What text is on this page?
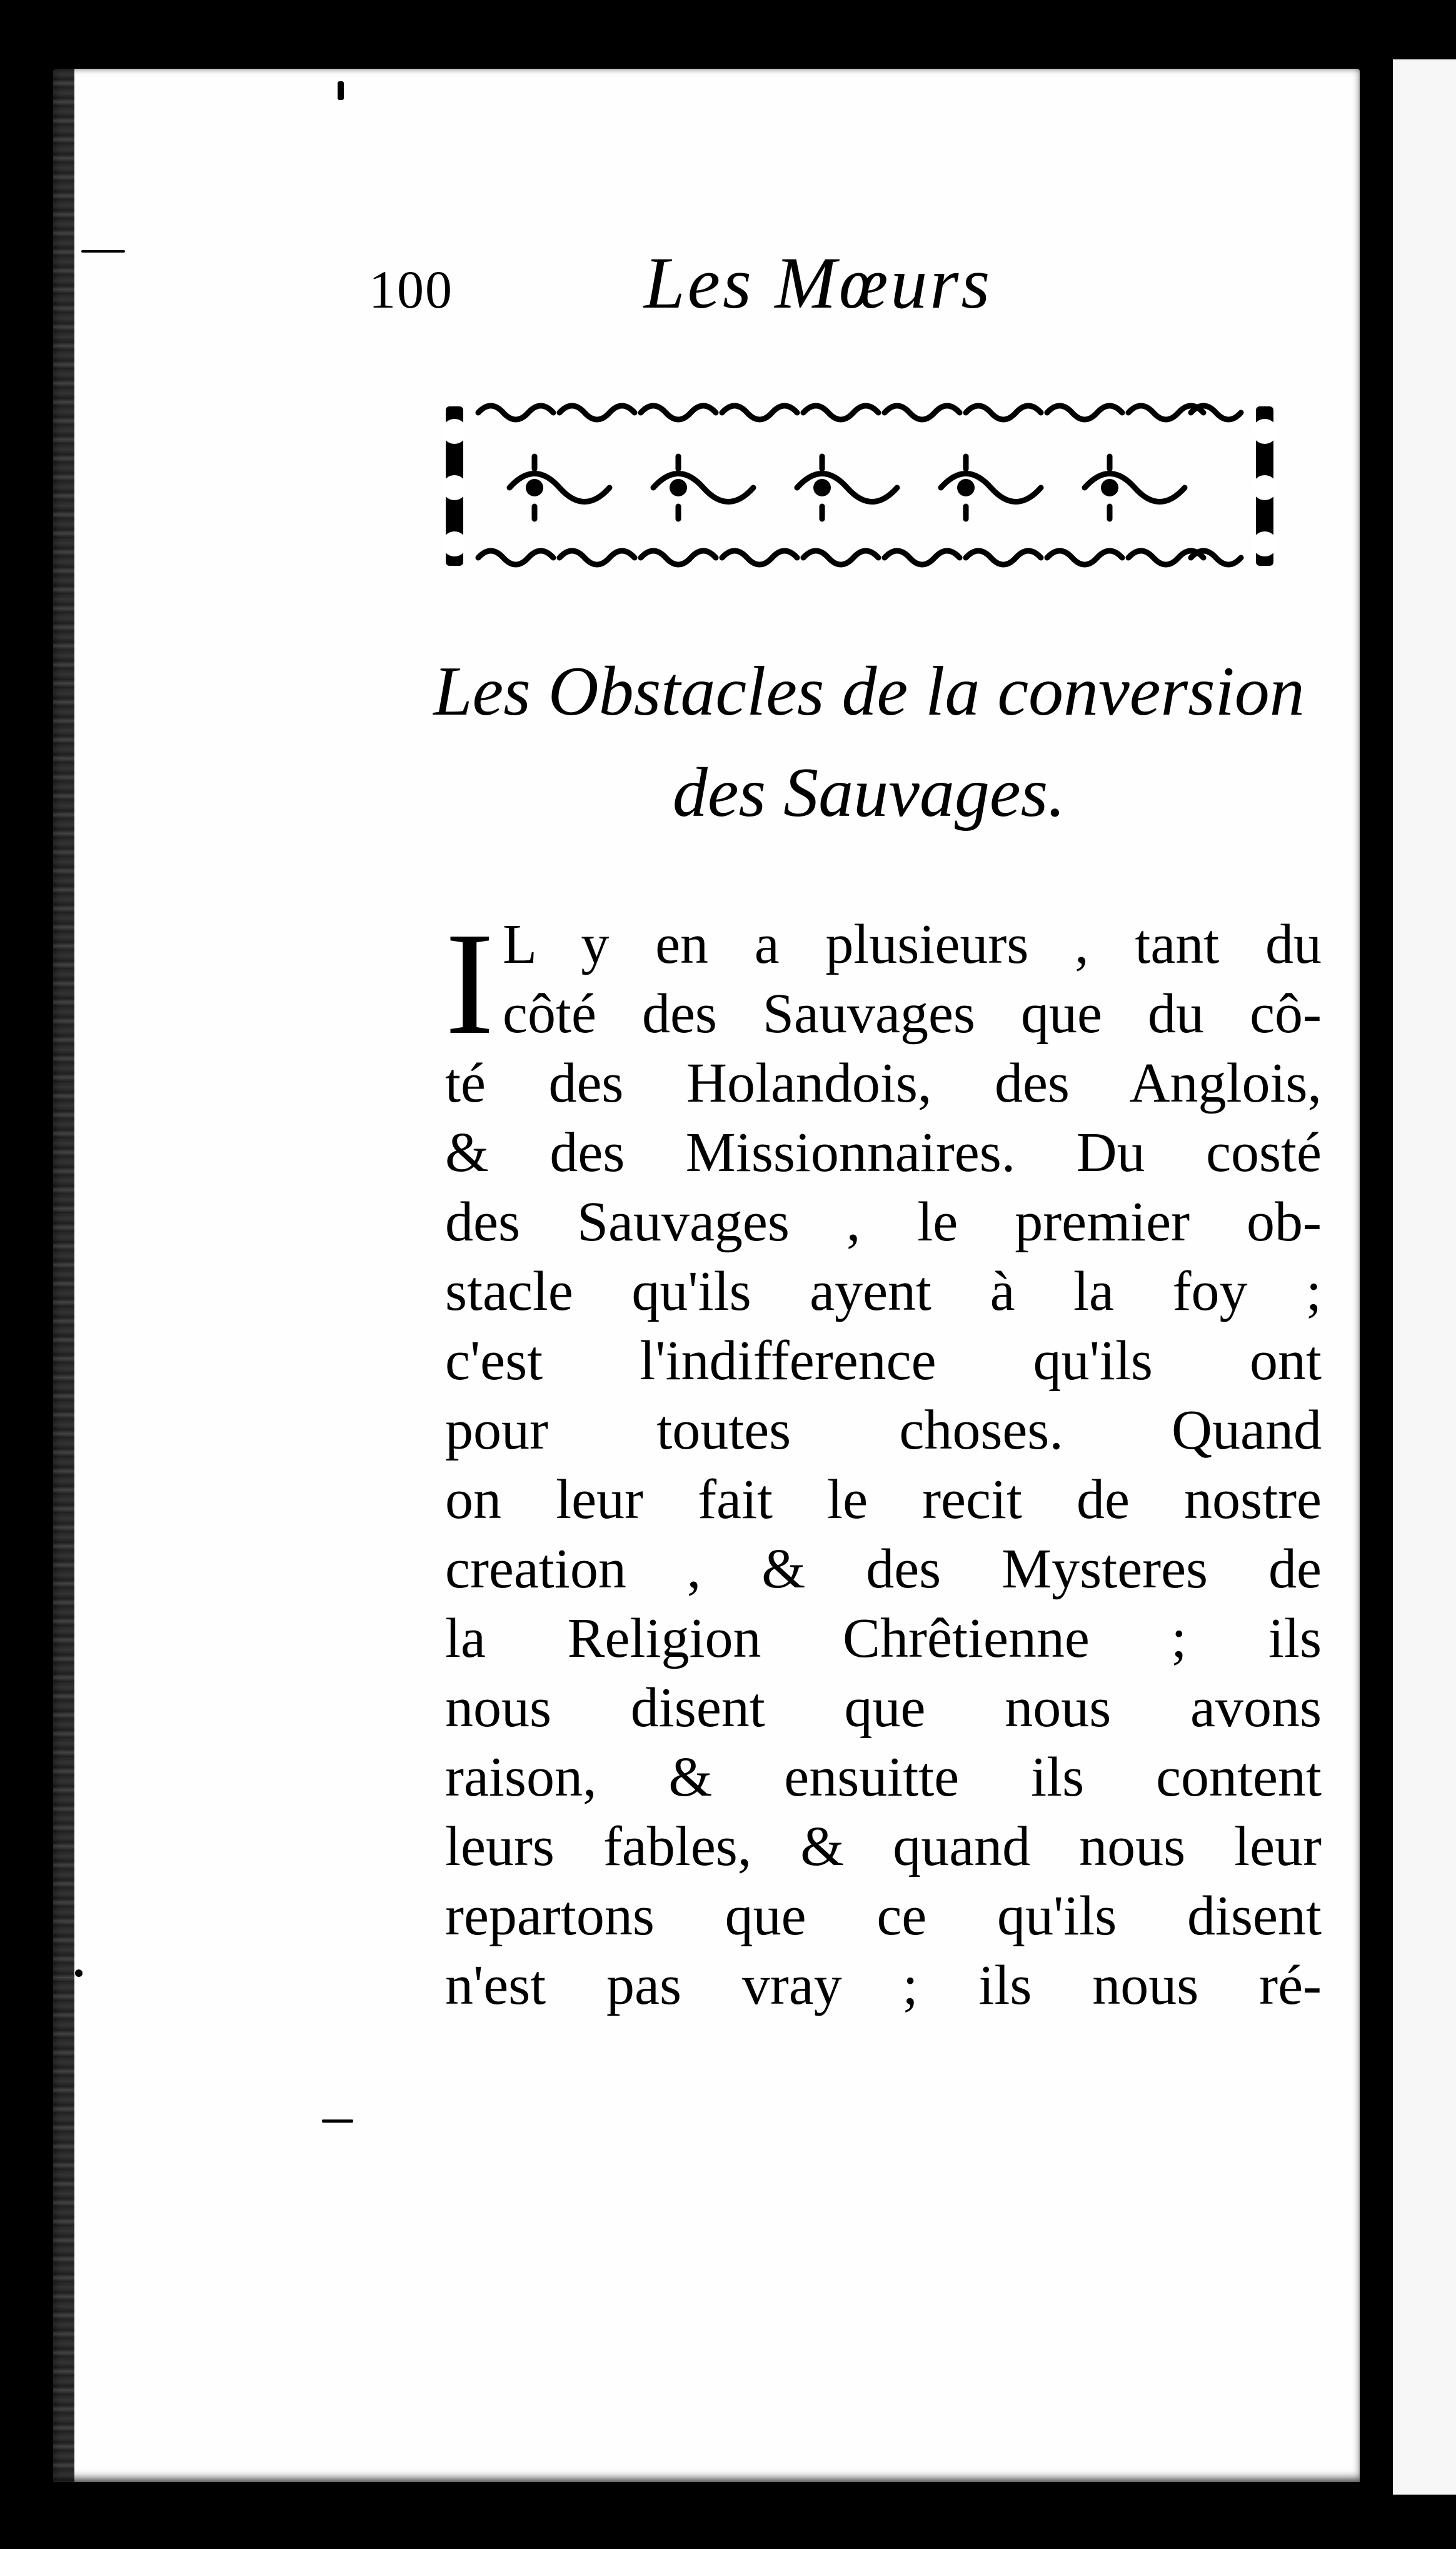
100	Les Mœurs
Les Obstacles de la conversion
des Sauvages.
I L y en a plusieurs , tant du
côté des Sauvages que du cô-
té des Holandois, des Anglois,
& des Missionnaires. Du costé
des Sauvages , le premier ob-
stacle qu'ils ayent à la foy ;
c'est l'indifference qu'ils ont
pour toutes choses. Quand
on leur fait le recit de nostre
creation , & des Mysteres de
la Religion Chrêtienne ; ils
nous disent que nous avons
raison, & ensuitte ils content
leurs fables, & quand nous leur
repartons que ce qu'ils disent
n'est pas vray ; ils nous ré-
